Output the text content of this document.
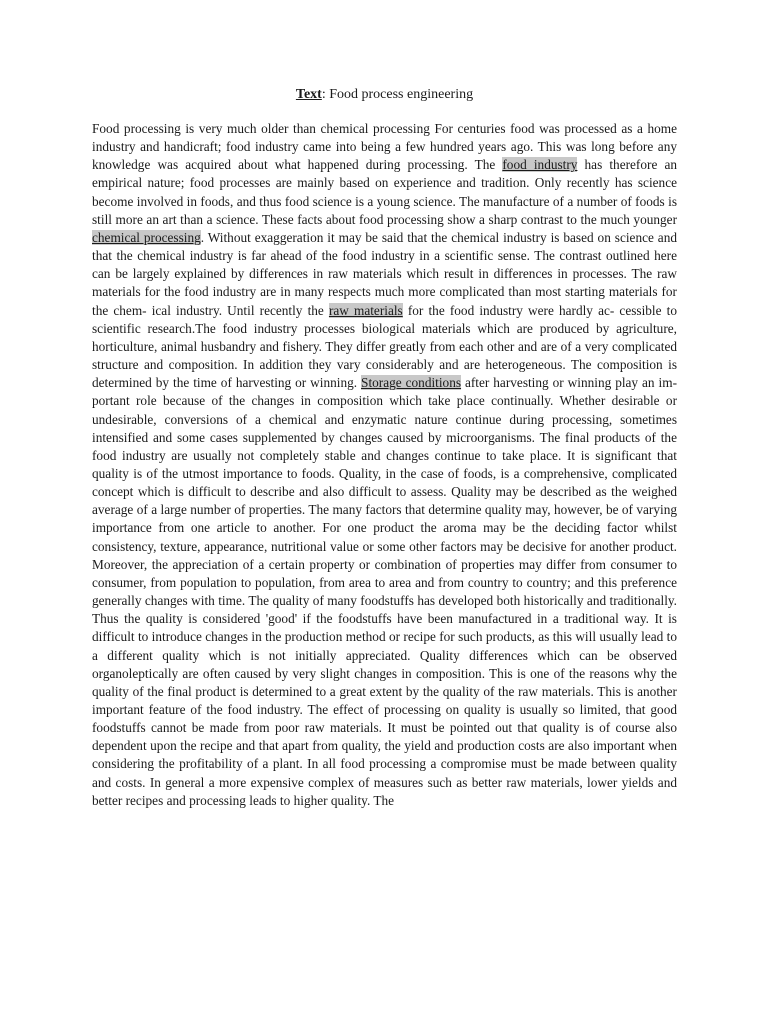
Text: Food process engineering

Food processing is very much older than chemical processing For centuries food was processed as a home industry and handicraft; food industry came into being a few hundred years ago. This was long before any knowledge was acquired about what happened during processing. The food industry has therefore an empirical nature; food processes are mainly based on experience and tradition. Only recently has science become involved in foods, and thus food science is a young science. The manufacture of a number of foods is still more an art than a science. These facts about food processing show a sharp contrast to the much younger chemical processing. Without exaggeration it may be said that the chemical industry is based on science and that the chemical industry is far ahead of the food industry in a scientific sense. The contrast outlined here can be largely explained by differences in raw materials which result in differences in processes. The raw materials for the food industry are in many respects much more complicated than most starting materials for the chem- ical industry. Until recently the raw materials for the food industry were hardly ac- cessible to scientific research.The food industry processes biological materials which are produced by agriculture, horticulture, animal husbandry and fishery. They differ greatly from each other and are of a very complicated structure and composition. In addition they vary considerably and are heterogeneous. The composition is determined by the time of harvesting or winning. Storage conditions after harvesting or winning play an im- portant role because of the changes in composition which take place continually. Whether desirable or undesirable, conversions of a chemical and enzymatic nature continue during processing, sometimes intensified and some cases supplemented by changes caused by microorganisms. The final products of the food industry are usually not completely stable and changes continue to take place. It is significant that quality is of the utmost importance to foods. Quality, in the case of foods, is a comprehensive, complicated concept which is difficult to describe and also difficult to assess. Quality may be described as the weighed average of a large number of properties. The many factors that determine quality may, however, be of varying importance from one article to another. For one product the aroma may be the deciding factor whilst consistency, texture, appearance, nutritional value or some other factors may be decisive for another product. Moreover, the appreciation of a certain property or combination of properties may differ from consumer to consumer, from population to population, from area to area and from country to country; and this preference generally changes with time. The quality of many foodstuffs has developed both historically and traditionally. Thus the quality is considered 'good' if the foodstuffs have been manufactured in a traditional way. It is difficult to introduce changes in the production method or recipe for such products, as this will usually lead to a different quality which is not initially appreciated. Quality differences which can be observed organoleptically are often caused by very slight changes in composition. This is one of the reasons why the quality of the final product is determined to a great extent by the quality of the raw materials. This is another important feature of the food industry. The effect of processing on quality is usually so limited, that good foodstuffs cannot be made from poor raw materials. It must be pointed out that quality is of course also dependent upon the recipe and that apart from quality, the yield and production costs are also important when considering the profitability of a plant. In all food processing a compromise must be made between quality and costs. In general a more expensive complex of measures such as better raw materials, lower yields and better recipes and processing leads to higher quality. The
